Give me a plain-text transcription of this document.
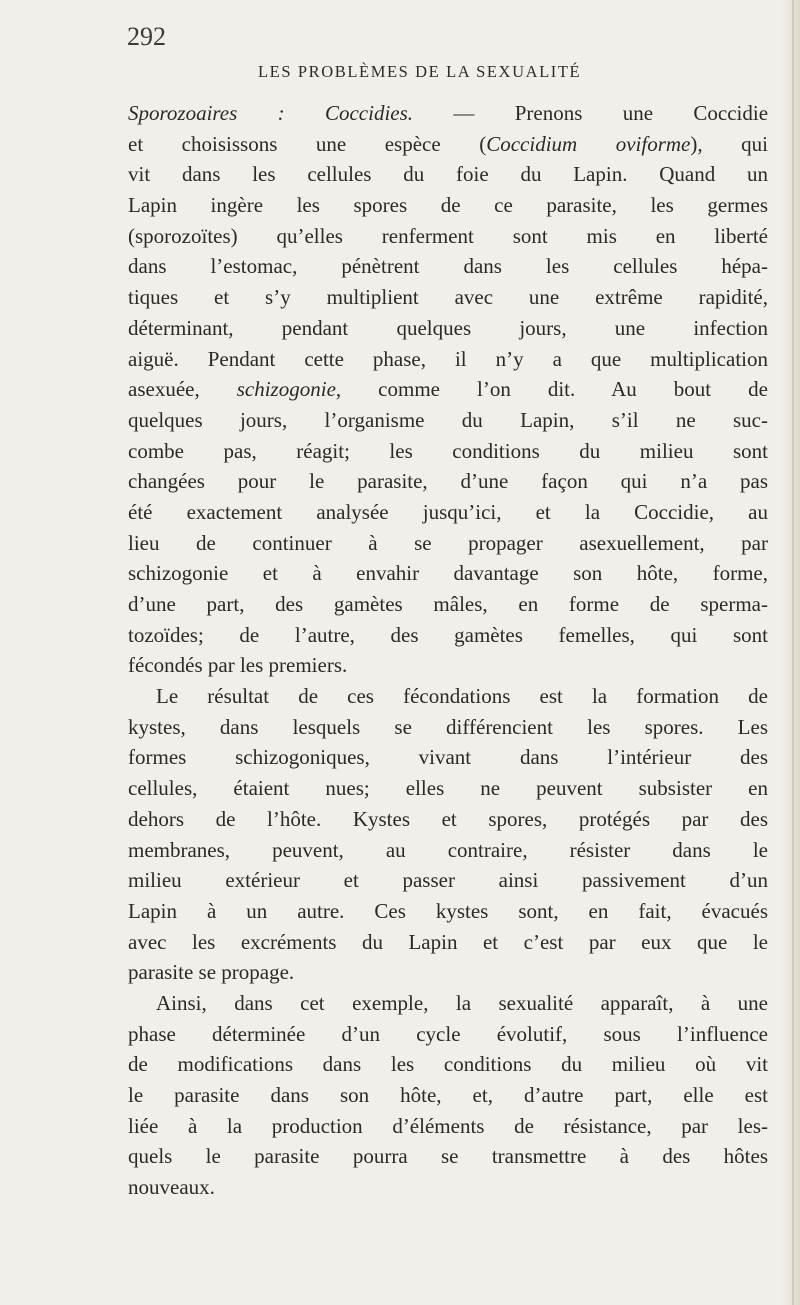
292
LES PROBLÈMES DE LA SEXUALITÉ
Sporozoaires : Coccidies. — Prenons une Coccidie
et choisissons une espèce (Coccidium oviforme), qui
vit dans les cellules du foie du Lapin. Quand un
Lapin ingère les spores de ce parasite, les germes
(sporozoïtes) qu’elles renferment sont mis en liberté
dans l’estomac, pénètrent dans les cellules hépa-
tiques et s’y multiplient avec une extrême rapidité,
déterminant, pendant quelques jours, une infection
aiguë. Pendant cette phase, il n’y a que multiplication
asexuée, schizogonie, comme l’on dit. Au bout de
quelques jours, l’organisme du Lapin, s’il ne suc-
combe pas, réagit; les conditions du milieu sont
changées pour le parasite, d’une façon qui n’a pas
été exactement analysée jusqu’ici, et la Coccidie, au
lieu de continuer à se propager asexuellement, par
schizogonie et à envahir davantage son hôte, forme,
d’une part, des gamètes mâles, en forme de sperma-
tozoïdes; de l’autre, des gamètes femelles, qui sont
fécondés par les premiers.
Le résultat de ces fécondations est la formation de
kystes, dans lesquels se différencient les spores. Les
formes schizogoniques, vivant dans l’intérieur des
cellules, étaient nues; elles ne peuvent subsister en
dehors de l’hôte. Kystes et spores, protégés par des
membranes, peuvent, au contraire, résister dans le
milieu extérieur et passer ainsi passivement d’un
Lapin à un autre. Ces kystes sont, en fait, évacués
avec les excréments du Lapin et c’est par eux que le
parasite se propage.
Ainsi, dans cet exemple, la sexualité apparaît, à une
phase déterminée d’un cycle évolutif, sous l’influence
de modifications dans les conditions du milieu où vit
le parasite dans son hôte, et, d’autre part, elle est
liée à la production d’éléments de résistance, par les-
quels le parasite pourra se transmettre à des hôtes
nouveaux.
